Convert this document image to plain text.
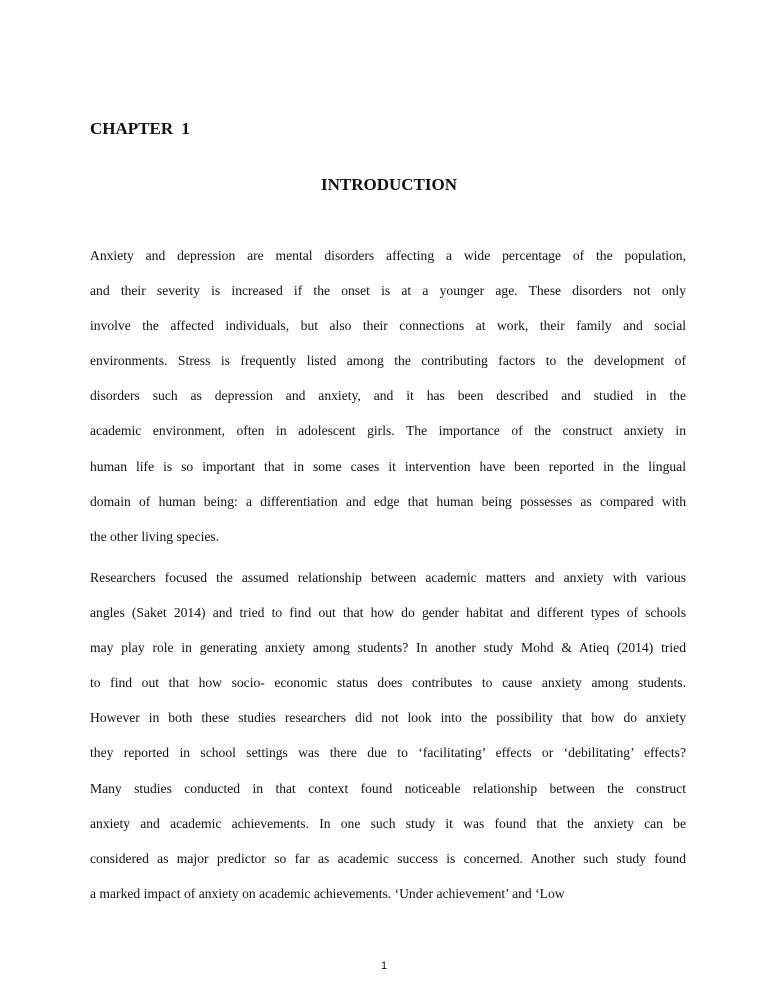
CHAPTER 1
INTRODUCTION
Anxiety and depression are mental disorders affecting a wide percentage of the population,
and their severity is increased if the onset is at a younger age. These disorders not only
involve the affected individuals, but also their connections at work, their family and social
environments. Stress is frequently listed among the contributing factors to the development of
disorders such as depression and anxiety, and it has been described and studied in the
academic environment, often in adolescent girls. The importance of the construct anxiety in
human life is so important that in some cases it intervention have been reported in the lingual
domain of human being: a differentiation and edge that human being possesses as compared with
the other living species.
Researchers focused the assumed relationship between academic matters and anxiety with various
angles (Saket 2014) and tried to find out that how do gender habitat and different types of schools
may play role in generating anxiety among students? In another study Mohd & Atieq (2014) tried
to find out that how socio- economic status does contributes to cause anxiety among students.
However in both these studies researchers did not look into the possibility that how do anxiety
they reported in school settings was there due to ‘facilitating’ effects or ‘debilitating’ effects?
Many studies conducted in that context found noticeable relationship between the construct
anxiety and academic achievements. In one such study it was found that the anxiety can be
considered as major predictor so far as academic success is concerned. Another such study found
a marked impact of anxiety on academic achievements. ‘Under achievement’ and ‘Low
1
